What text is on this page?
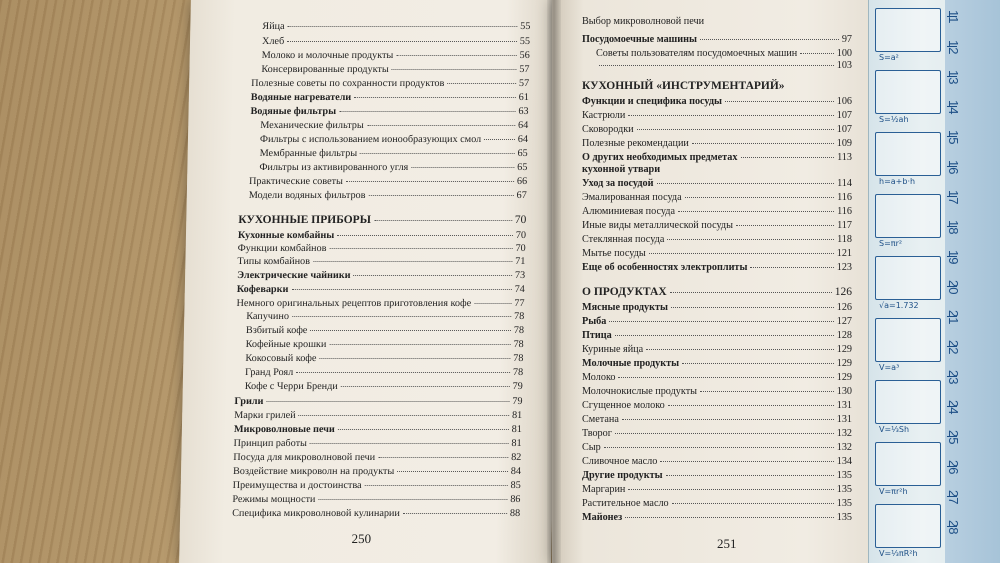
Яйца	55
Хлеб	55
Молоко и молочные продукты	56
Консервированные продукты	57
Полезные советы по сохранности продуктов	57
Водяные нагреватели	61
Водяные фильтры	63
Механические фильтры	64
Фильтры с использованием ионообразующих смол	64
Мембранные фильтры	65
Фильтры из активированного угля	65
Практические советы	66
Модели водяных фильтров	67
КУХОННЫЕ ПРИБОРЫ	70
Кухонные комбайны	70
Функции комбайнов	70
Типы комбайнов	71
Электрические чайники	73
Кофеварки	74
Немного оригинальных рецептов приготовления кофе	77
Капучино	78
Взбитый кофе	78
Кофейные крошки	78
Кокосовый кофе	78
Гранд Роял	78
Кофе с Черри Бренди	79
Грили	79
Марки грилей	81
Микроволновые печи	81
Принцип работы	81
Посуда для микроволновой печи	82
Воздействие микроволн на продукты	84
Преимущества и достоинства	85
Режимы мощности	86
Специфика микроволновой кулинарии	88
250
Выбор микроволновой печи
Посудомоечные машины	97
Советы пользователям посудомоечных машин	100
103
КУХОННЫЙ «ИНСТРУМЕНТАРИЙ»
Функции и специфика посуды	106
Кастрюли	107
Сковородки	107
Полезные рекомендации	109
О других необходимых предметах	113
кухонной утвари
Уход за посудой	114
Эмалированная посуда	116
Алюминиевая посуда	116
Иные виды металлической посуды	117
Стеклянная посуда	118
Мытье посуды	121
Еще об особенностях электроплиты	123
О ПРОДУКТАХ	126
Мясные продукты	126
Рыба	127
Птица	128
Куриные яйца	129
Молочные продукты	129
Молоко	129
Молочнокислые продукты	130
Сгущенное молоко	131
Сметана	131
Творог	132
Сыр	132
Сливочное масло	134
Другие продукты	135
Маргарин	135
Растительное масло	135
Майонез	135
251
11
12
13
14
15
16
17
18
19
20
21
22
23
24
25
26
27
28
S=a²
S=½ah
h=a+b·h
S=πr²
√a=1.732
V=a³
V=⅓Sh
V=πr²h
V=⅓πR²h
